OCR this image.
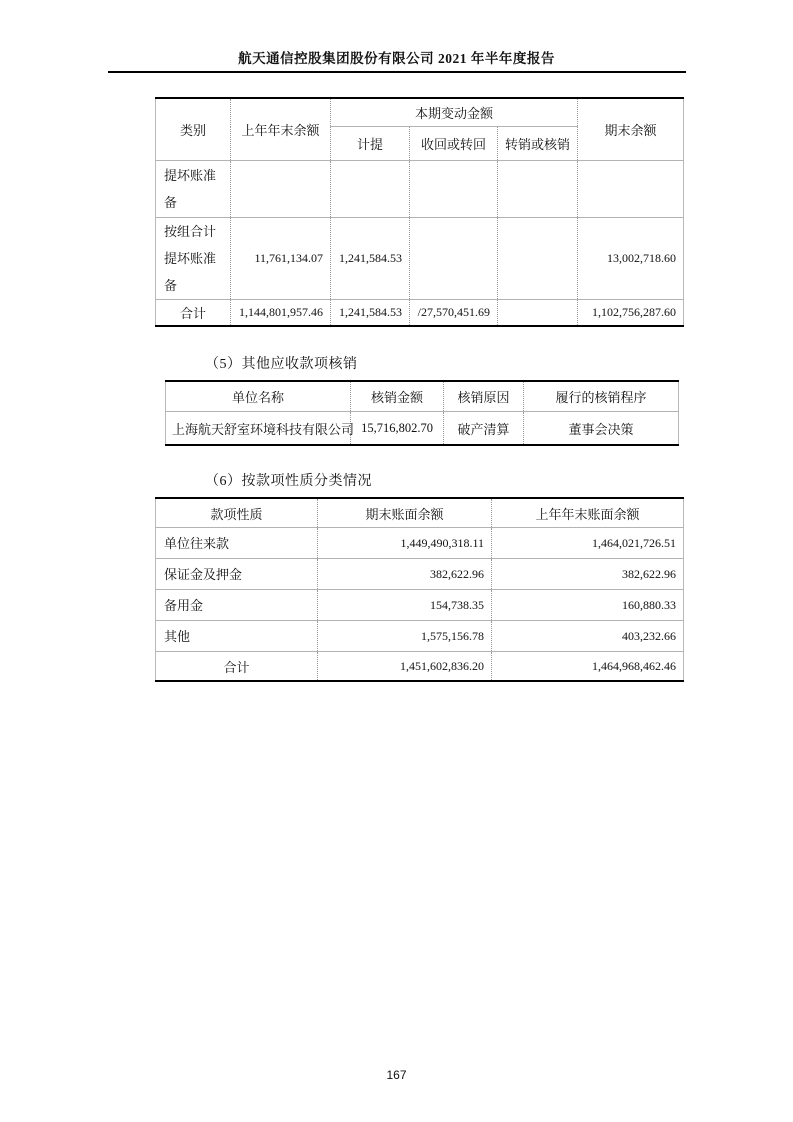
航天通信控股集团股份有限公司 2021 年半年度报告
类别	上年年末余额	本期变动金额			期末余额
		计提	收回或转回	转销或核销	
提坏账准备					
按组合计提坏账准备	11,761,134.07	1,241,584.53			13,002,718.60
合计	1,144,801,957.46	1,241,584.53	/27,570,451.69		1,102,756,287.60
（5）其他应收款项核销
单位名称	核销金额	核销原因	履行的核销程序
上海航天舒室环境科技有限公司	15,716,802.70	破产清算	董事会决策
（6）按款项性质分类情况
款项性质	期末账面余额	上年年末账面余额
单位往来款	1,449,490,318.11	1,464,021,726.51
保证金及押金	382,622.96	382,622.96
备用金	154,738.35	160,880.33
其他	1,575,156.78	403,232.66
合计	1,451,602,836.20	1,464,968,462.46
167
